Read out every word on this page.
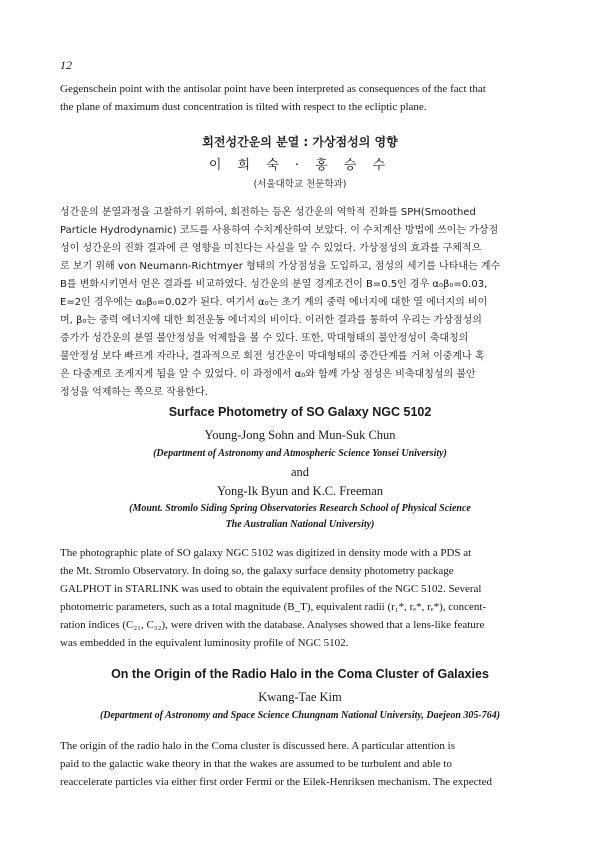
12
Gegenschein point with the antisolar point have been interpreted as consequences of the fact that
the plane of maximum dust concentration is tilted with respect to the ecliptic plane.
회전성간운의 분열 : 가상점성의 영향
이 희 숙 · 홍 승 수
(서울대학교 천문학과)
성간운의 분열과정을 고찰하기 위하여, 회전하는 등온 성간운의 역학적 진화를 SPH(Smoothed
Particle Hydrodynamic) 코드를 사용하여 수치계산하여 보았다. 이 수치계산 방법에 쓰이는 가상점
성이 성간운의 진화 결과에 큰 영향을 미친다는 사실을 알 수 있었다. 가상점성의 효과를 구체적으
로 보기 위해 von Neumann-Richtmyer 형태의 가상점성을 도입하고, 점성의 세기를 나타내는 계수
B를 변화시키면서 얻은 결과를 비교하였다. 성간운의 분열 경계조건이 B=0.5인 경우 α₀β₀=0.03,
E=2인 경우에는 α₀β₀=0.02가 된다. 여기서 α₀는 초기 계의 중력 에너지에 대한 열 에너지의 비이
며, β₀는 중력 에너지에 대한 회전운동 에너지의 비이다. 이러한 결과를 통하여 우리는 가상점성의
증가가 성간운의 분열 불안정성을 억제함을 볼 수 있다. 또한, 막대형태의 불안정성이 축대칭의
불안정성 보다 빠르게 자라나, 결과적으로 회전 성간운이 막대형태의 중간단계를 거쳐 이중계나 혹
은 다중계로 조게지게 됨을 알 수 있었다. 이 과정에서 α₀와 함께 가상 점성은 비축대칭성의 불안
정성을 억제하는 쪽으로 작용한다.
Surface Photometry of SO Galaxy NGC 5102
Young-Jong Sohn and Mun-Suk Chun
(Department of Astronomy and Atmospheric Science Yonsei University)
and
Yong-Ik Byun and K.C. Freeman
(Mount. Stromlo Siding Spring Observatories Research School of Physical Science
The Australian National University)
The photographic plate of SO galaxy NGC 5102 was digitized in density mode with a PDS at
the Mt. Stromlo Observatory. In doing so, the galaxy surface density photometry package
GALPHOT in STARLINK was used to obtain the equivalent profiles of the NGC 5102. Several
photometric parameters, such as a total magnitude (B_T), equivalent radii (r₁*, rₑ*, rₑ*), concent-
ration indices (C₂₁, C₃₂), were driven with the database. Analyses showed that a lens-like feature
was embedded in the equivalent luminosity profile of NGC 5102.
On the Origin of the Radio Halo in the Coma Cluster of Galaxies
Kwang-Tae Kim
(Department of Astronomy and Space Science Chungnam National University, Daejeon 305-764)
The origin of the radio halo in the Coma cluster is discussed here. A particular attention is
paid to the galactic wake theory in that the wakes are assumed to be turbulent and able to
reaccelerate particles via either first order Fermi or the Eilek-Henriksen mechanism. The expected
